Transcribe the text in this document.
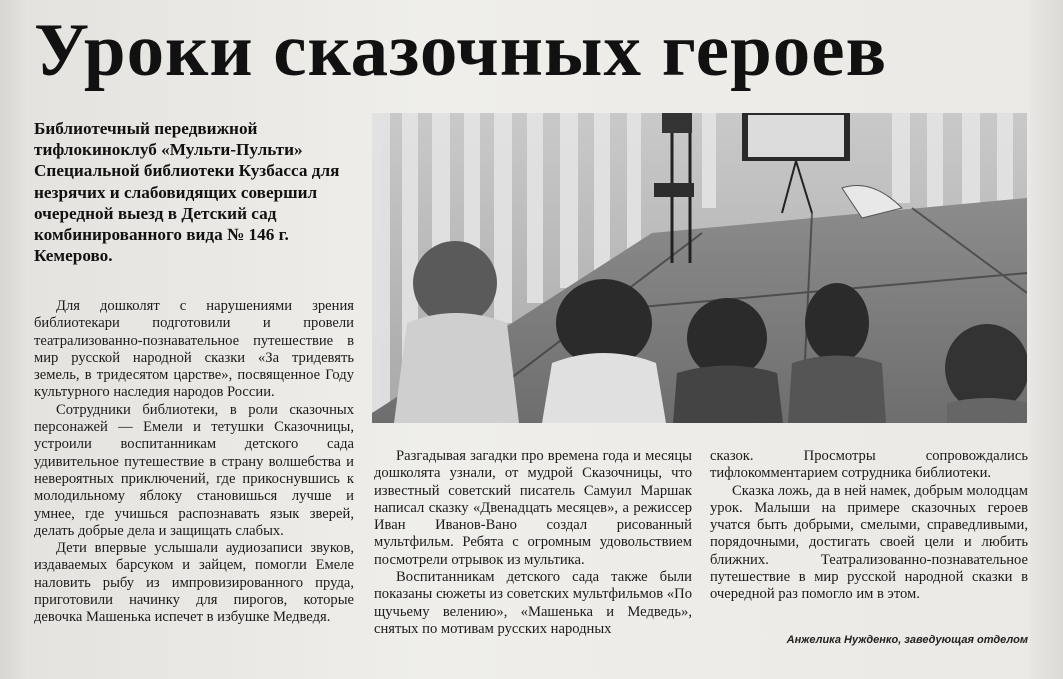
Уроки сказочных героев
Библиотечный передвижной тифлокиноклуб «Мульти-Пульти» Специальной библиотеки Кузбасса для незрячих и слабовидящих совершил очередной выезд в Детский сад комбинированного вида № 146 г. Кемерово.

Для дошколят с нарушениями зрения библиотекари подготовили и провели театрализованно-познавательное путешествие в мир русской народной сказки «За тридевять земель, в тридесятом царстве», посвященное Году культурного наследия народов России.

Сотрудники библиотеки, в роли сказочных персонажей — Емели и тетушки Сказочницы, устроили воспитанникам детского сада удивительное путешествие в страну волшебства и невероятных приключений, где прикоснувшись к молодильному яблоку становишься лучше и умнее, где учишься распознавать язык зверей, делать добрые дела и защищать слабых.

Дети впервые услышали аудиозаписи звуков, издаваемых барсуком и зайцем, помогли Емеле наловить рыбу из импровизированного пруда, приготовили начинку для пирогов, которые девочка Машенька испечет в избушке Медведя.

Разгадывая загадки про времена года и месяцы дошколята узнали, от мудрой Сказочницы, что известный советский писатель Самуил Маршак написал сказку «Двенадцать месяцев», а режиссер Иван Иванов-Вано создал рисованный мультфильм. Ребята с огромным удовольствием посмотрели отрывок из мультика.

Воспитанникам детского сада также были показаны сюжеты из советских мультфильмов «По щучьему велению», «Машенька и Медведь», снятых по мотивам русских народных

сказок. Просмотры сопровождались тифлокомментарием сотрудника библиотеки.

Сказка ложь, да в ней намек, добрым молодцам урок. Малыши на примере сказочных героев учатся быть добрыми, смелыми, справедливыми, порядочными, достигать своей цели и любить ближних. Театрализованно-познавательное путешествие в мир русской народной сказки в очередной раз помогло им в этом.

Анжелика Нужденко, заведующая отделом
